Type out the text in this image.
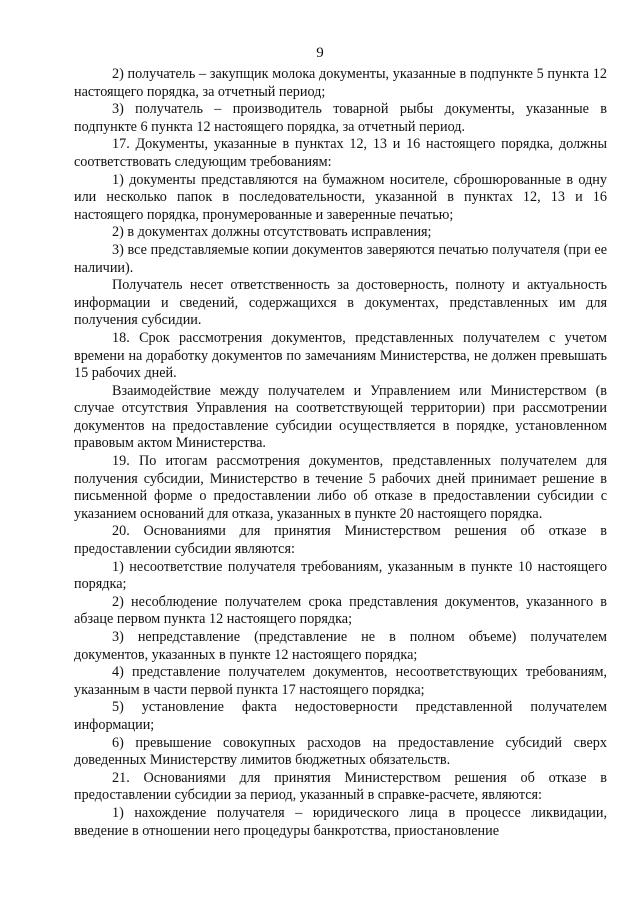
9

2) получатель – закупщик молока документы, указанные в подпункте 5 пункта 12 настоящего порядка, за отчетный период;

3) получатель – производитель товарной рыбы документы, указанные в подпункте 6 пункта 12 настоящего порядка, за отчетный период.

17. Документы, указанные в пунктах 12, 13 и 16 настоящего порядка, должны соответствовать следующим требованиям:

1) документы представляются на бумажном носителе, сброшюрованные в одну или несколько папок в последовательности, указанной в пунктах 12, 13 и 16 настоящего порядка, пронумерованные и заверенные печатью;

2) в документах должны отсутствовать исправления;

3) все представляемые копии документов заверяются печатью получателя (при ее наличии).

Получатель несет ответственность за достоверность, полноту и актуальность информации и сведений, содержащихся в документах, представленных им для получения субсидии.

18. Срок рассмотрения документов, представленных получателем с учетом времени на доработку документов по замечаниям Министерства, не должен превышать 15 рабочих дней.

Взаимодействие между получателем и Управлением или Министерством (в случае отсутствия Управления на соответствующей территории) при рассмотрении документов на предоставление субсидии осуществляется в порядке, установленном правовым актом Министерства.

19. По итогам рассмотрения документов, представленных получателем для получения субсидии, Министерство в течение 5 рабочих дней принимает решение в письменной форме о предоставлении либо об отказе в предоставлении субсидии с указанием оснований для отказа, указанных в пункте 20 настоящего порядка.

20. Основаниями для принятия Министерством решения об отказе в предоставлении субсидии являются:

1) несоответствие получателя требованиям, указанным в пункте 10 настоящего порядка;

2) несоблюдение получателем срока представления документов, указанного в абзаце первом пункта 12 настоящего порядка;

3) непредставление (представление не в полном объеме) получателем документов, указанных в пункте 12 настоящего порядка;

4) представление получателем документов, несоответствующих требованиям, указанным в части первой пункта 17 настоящего порядка;

5) установление факта недостоверности представленной получателем информации;

6) превышение совокупных расходов на предоставление субсидий сверх доведенных Министерству лимитов бюджетных обязательств.

21. Основаниями для принятия Министерством решения об отказе в предоставлении субсидии за период, указанный в справке-расчете, являются:

1) нахождение получателя – юридического лица в процессе ликвидации, введение в отношении него процедуры банкротства, приостановление
